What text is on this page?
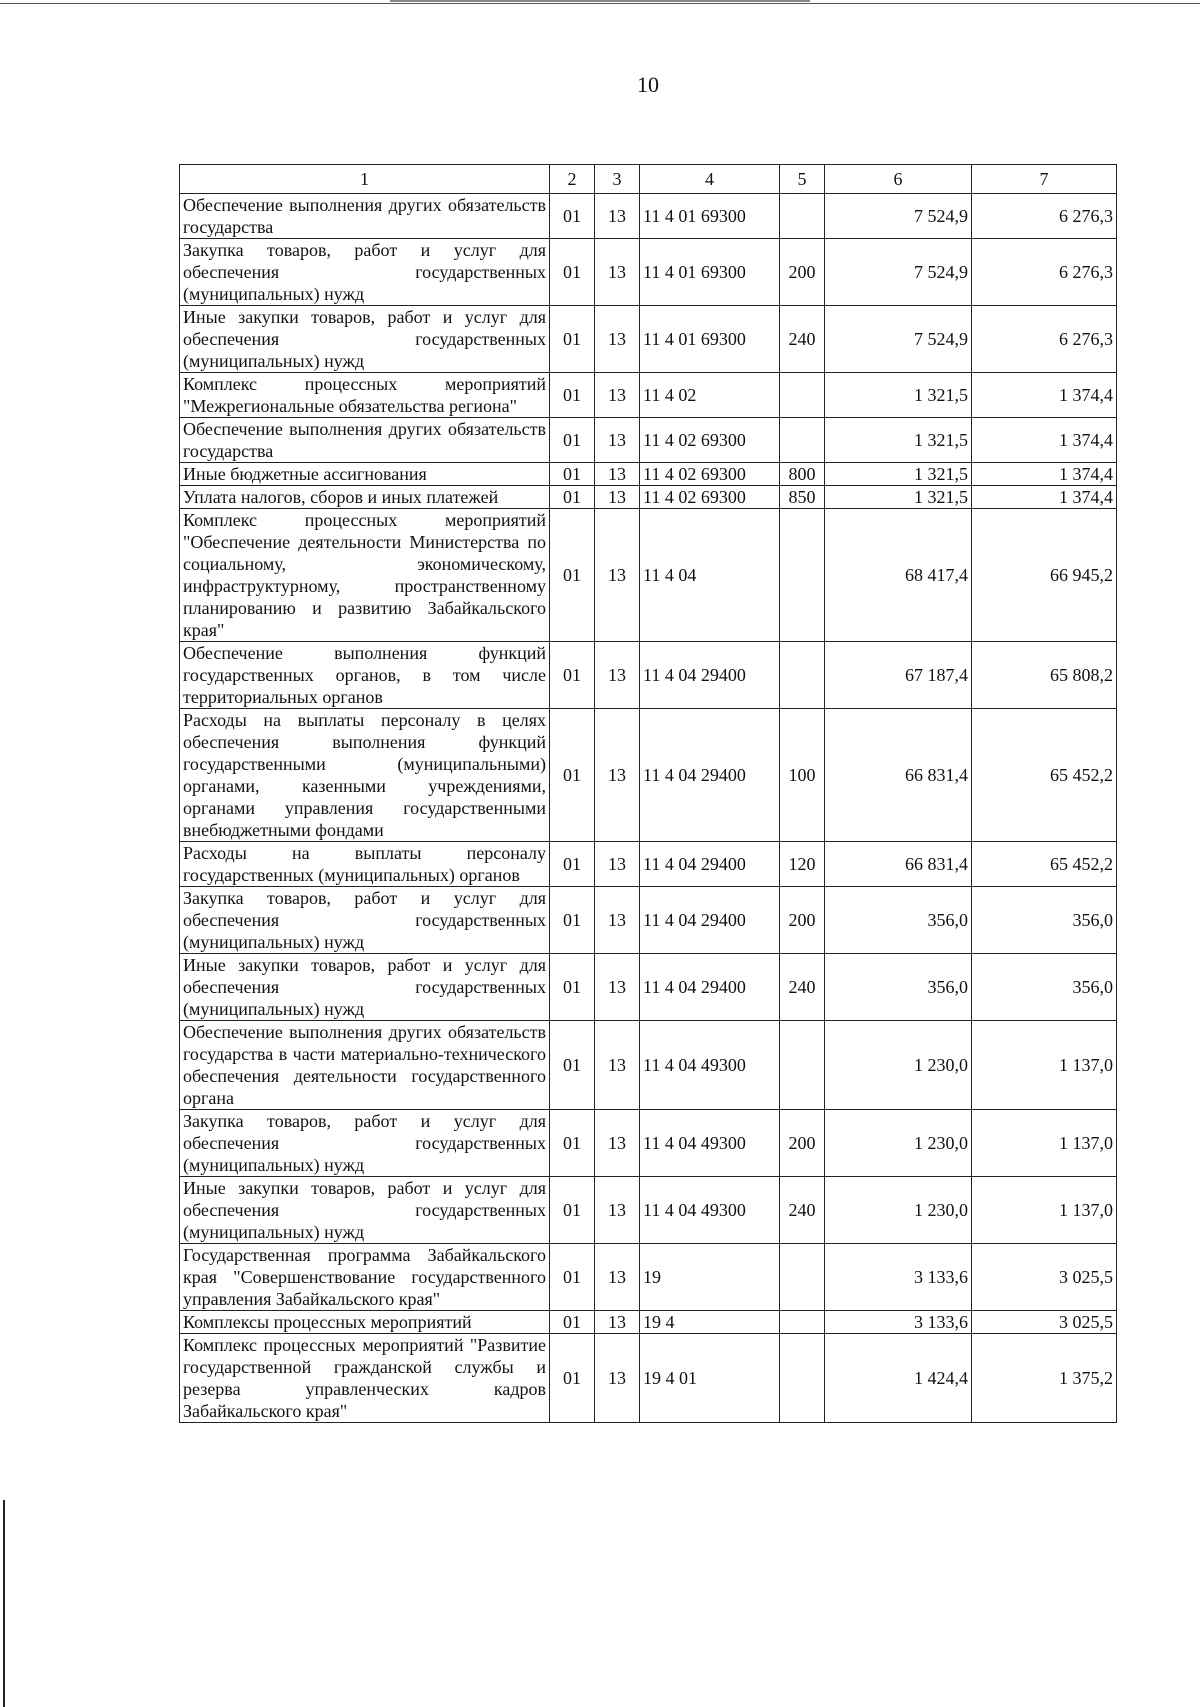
10
1	2	3	4	5	6	7
Обеспечение выполнения других обязательств государства	01	13	11 4 01 69300		7 524,9	6 276,3
Закупка товаров, работ и услуг для обеспечения государственных (муниципальных) нужд	01	13	11 4 01 69300	200	7 524,9	6 276,3
Иные закупки товаров, работ и услуг для обеспечения государственных (муниципальных) нужд	01	13	11 4 01 69300	240	7 524,9	6 276,3
Комплекс процессных мероприятий "Межрегиональные обязательства региона"	01	13	11 4 02		1 321,5	1 374,4
Обеспечение выполнения других обязательств государства	01	13	11 4 02 69300		1 321,5	1 374,4
Иные бюджетные ассигнования	01	13	11 4 02 69300	800	1 321,5	1 374,4
Уплата налогов, сборов и иных платежей	01	13	11 4 02 69300	850	1 321,5	1 374,4
Комплекс процессных мероприятий "Обеспечение деятельности Министерства по социальному, экономическому, инфраструктурному, пространственному планированию и развитию Забайкальского края"	01	13	11 4 04		68 417,4	66 945,2
Обеспечение выполнения функций государственных органов, в том числе территориальных органов	01	13	11 4 04 29400		67 187,4	65 808,2
Расходы на выплаты персоналу в целях обеспечения выполнения функций государственными (муниципальными) органами, казенными учреждениями, органами управления государственными внебюджетными фондами	01	13	11 4 04 29400	100	66 831,4	65 452,2
Расходы на выплаты персоналу государственных (муниципальных) органов	01	13	11 4 04 29400	120	66 831,4	65 452,2
Закупка товаров, работ и услуг для обеспечения государственных (муниципальных) нужд	01	13	11 4 04 29400	200	356,0	356,0
Иные закупки товаров, работ и услуг для обеспечения государственных (муниципальных) нужд	01	13	11 4 04 29400	240	356,0	356,0
Обеспечение выполнения других обязательств государства в части материально-технического обеспечения деятельности государственного органа	01	13	11 4 04 49300		1 230,0	1 137,0
Закупка товаров, работ и услуг для обеспечения государственных (муниципальных) нужд	01	13	11 4 04 49300	200	1 230,0	1 137,0
Иные закупки товаров, работ и услуг для обеспечения государственных (муниципальных) нужд	01	13	11 4 04 49300	240	1 230,0	1 137,0
Государственная программа Забайкальского края "Совершенствование государственного управления Забайкальского края"	01	13	19		3 133,6	3 025,5
Комплексы процессных мероприятий	01	13	19 4		3 133,6	3 025,5
Комплекс процессных мероприятий "Развитие государственной гражданской службы и резерва управленческих кадров Забайкальского края"	01	13	19 4 01		1 424,4	1 375,2
